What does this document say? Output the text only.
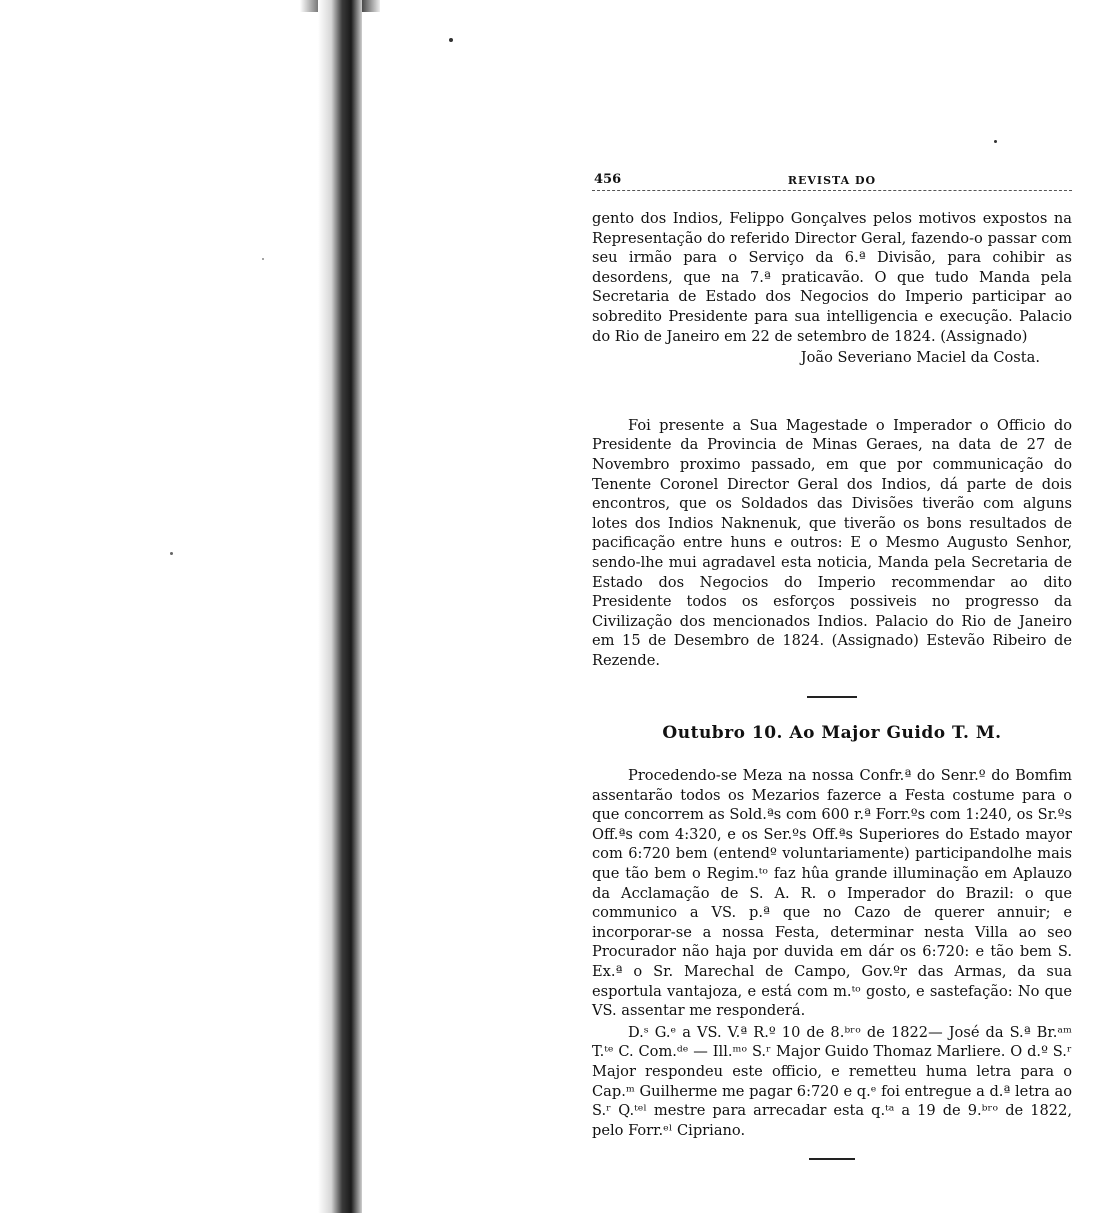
456	REVISTA DO

gento dos Indios, Felippo Gonçalves pelos motivos expostos na Representação do referido Director Geral, fazendo-o passar com seu irmão para o Serviço da 6.ª Divisão, para cohibir as desordens, que na 7.ª praticavão. O que tudo Manda pela Secretaria de Estado dos Negocios do Imperio participar ao sobredito Presidente para sua intelligencia e execução. Palacio do Rio de Janeiro em 22 de setembro de 1824. (Assignado)

João Severiano Maciel da Costa.

Foi presente a Sua Magestade o Imperador o Officio do Presidente da Provincia de Minas Geraes, na data de 27 de Novembro proximo passado, em que por communicação do Tenente Coronel Director Geral dos Indios, dá parte de dois encontros, que os Soldados das Divisões tiverão com alguns lotes dos Indios Naknenuk, que tiverão os bons resultados de pacificação entre huns e outros: E o Mesmo Augusto Senhor, sendo-lhe mui agradavel esta noticia, Manda pela Secretaria de Estado dos Negocios do Imperio recommendar ao dito Presidente todos os esforços possiveis no progresso da Civilização dos mencionados Indios. Palacio do Rio de Janeiro em 15 de Desembro de 1824. (Assignado) Estevão Ribeiro de Rezende.

Outubro 10. Ao Major Guido T. M.

Procedendo-se Meza na nossa Confr.ª do Senr.º do Bomfim assentarão todos os Mezarios fazerce a Festa costume para o que concorrem as Sold.ªs com 600 r.ª Forr.ºs com 1:240, os Sr.ºs Off.ªs com 4:320, e os Ser.ºs Off.ªs Superiores do Estado mayor com 6:720 bem (entendº voluntariamente) participandolhe mais que tão bem o Regim.ᵗᵒ faz hûa grande illuminação em Aplauzo da Acclamação de S. A. R. o Imperador do Brazil: o que communico a VS. p.ª que no Cazo de querer annuir; e incorporar-se a nossa Festa, determinar nesta Villa ao seo Procurador não haja por duvida em dár os 6:720: e tão bem S. Ex.ª o Sr. Marechal de Campo, Gov.ºr das Armas, da sua esportula vantajoza, e está com m.ᵗᵒ gosto, e sastefação: No que VS. assentar me responderá.

D.ˢ G.ᵉ a VS. V.ª R.º 10 de 8.ᵇʳᵒ de 1822— José da S.ª Br.ᵃᵐ T.ᵗᵉ C. Com.ᵈᵉ — Ill.ᵐᵒ S.ʳ Major Guido Thomaz Marliere. O d.º S.ʳ Major respondeu este officio, e remetteu huma letra para o Cap.ᵐ Guilherme me pagar 6:720 e q.ᵉ foi entregue a d.ª letra ao S.ʳ Q.ᵗᵉˡ mestre para arrecadar esta q.ᵗᵃ a 19 de 9.ᵇʳᵒ de 1822, pelo Forr.ᵉˡ Cipriano.
